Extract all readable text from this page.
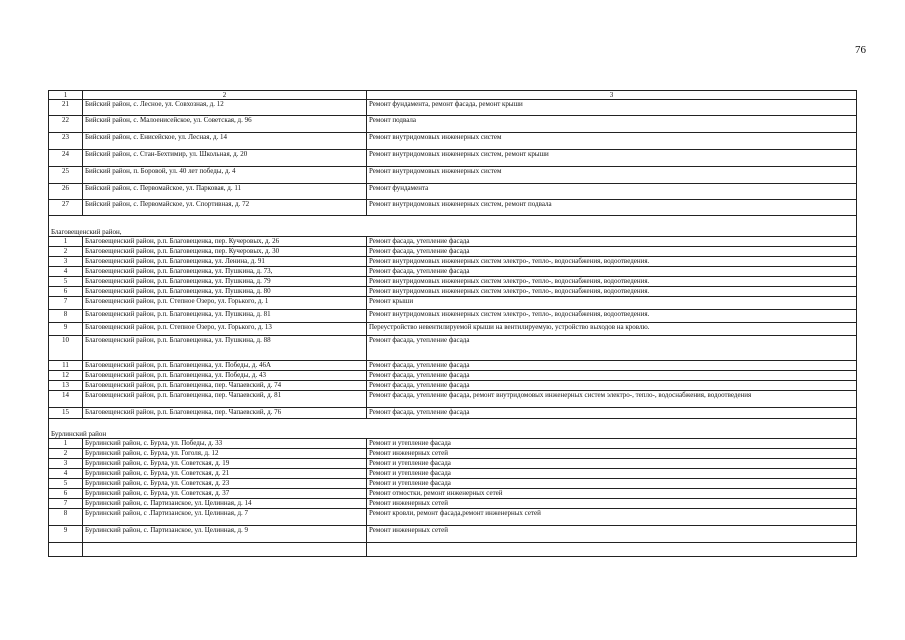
76
1	2	3
21	Бийский район, с. Лесное, ул. Совхозная, д. 12	Ремонт фундамента, ремонт фасада, ремонт крыши
22	Бийский район, с. Малоенисейское, ул. Советская, д. 96	Ремонт подвала
23	Бийский район, с. Енисейское, ул. Лесная, д. 14	Ремонт внутридомовых инженерных систем
24	Бийский район, с. Стан-Бехтимир, ул. Школьная, д. 20	Ремонт внутридомовых инженерных систем, ремонт крыши
25	Бийский район, п. Боровой, ул. 40 лет победы, д. 4	Ремонт внутридомовых инженерных систем
26	Бийский район, с. Первомайское, ул. Парковая, д. 11	Ремонт фундамента
27	Бийский район, с. Первомайское, ул. Спортивная, д. 72	Ремонт внутридомовых инженерных систем, ремонт подвала
Благовещенский район,		
1	Благовещенский район, р.п. Благовещенка, пер. Кучеровых, д. 26	Ремонт фасада, утепление фасада
2	Благовещенский район, р.п. Благовещенка, пер. Кучеровых, д. 30	Ремонт фасада, утепление фасада
3	Благовещенский район, р.п. Благовещенка, ул. Ленина, д. 91	Ремонт внутридомовых инженерных систем электро-, тепло-, водоснабжения, водоотведения.
4	Благовещенский район, р.п. Благовещенка, ул. Пушкина, д. 73,	Ремонт фасада, утепление фасада
5	Благовещенский район, р.п. Благовещенка, ул. Пушкина, д. 79	Ремонт внутридомовых инженерных систем электро-, тепло-, водоснабжения, водоотведения.
6	Благовещенский район, р.п. Благовещенка, ул. Пушкина, д. 80	Ремонт внутридомовых инженерных систем электро-, тепло-, водоснабжения, водоотведения.
7	Благовещенский район, р.п. Степное Озеро, ул. Горького, д. 1	Ремонт крыши
8	Благовещенский район, р.п. Благовещенка, ул. Пушкина, д. 81	Ремонт внутридомовых инженерных систем электро-, тепло-, водоснабжения, водоотведения.
9	Благовещенский район, р.п. Степное Озеро, ул. Горького, д. 13	Переустройство невентилируемой крыши на вентилируемую, устройство выходов на кровлю.
10	Благовещенский район, р.п. Благовещенка, ул. Пушкина, д. 88	Ремонт фасада, утепление фасада
11	Благовещенский район, р.п. Благовещенка, ул. Победы, д. 46А	Ремонт фасада, утепление фасада
12	Благовещенский район, р.п. Благовещенка, ул. Победы, д. 43	Ремонт фасада, утепление фасада
13	Благовещенский район, р.п. Благовещенка, пер. Чапаевский, д. 74	Ремонт фасада, утепление фасада
14	Благовещенский район, р.п. Благовещенка, пер. Чапаевский, д. 81	Ремонт фасада, утепление фасада, ремонт внутридомовых инженерных систем электро-, тепло-, водоснабжения, водоотведения
15	Благовещенский район, р.п. Благовещенка, пер. Чапаевский, д. 76	Ремонт фасада, утепление фасада
Бурлинский район		
1	Бурлинский район, с. Бурла, ул. Победы, д. 33	Ремонт и утепление фасада
2	Бурлинский район, с. Бурла, ул. Гоголя, д. 12	Ремонт инженерных сетей
3	Бурлинский район, с. Бурла, ул. Советская, д. 19	Ремонт и утепление фасада
4	Бурлинский район, с. Бурла, ул. Советская, д. 21	Ремонт и утепление фасада
5	Бурлинский район, с. Бурла, ул. Советская, д. 23	Ремонт и утепление фасада
6	Бурлинский район, с. Бурла, ул. Советская, д. 37	Ремонт отмостки, ремонт инженерных сетей
7	Бурлинский район, с. Партизанское, ул. Целинная, д. 14	Ремонт инженерных сетей
8	Бурлинский район, с .Партизанское, ул. Целинная, д. 7	Ремонт кровли, ремонт фасада,ремонт инженерных сетей
9	Бурлинский район, с. Партизанское, ул. Целинная, д. 9	Ремонт инженерных сетей
